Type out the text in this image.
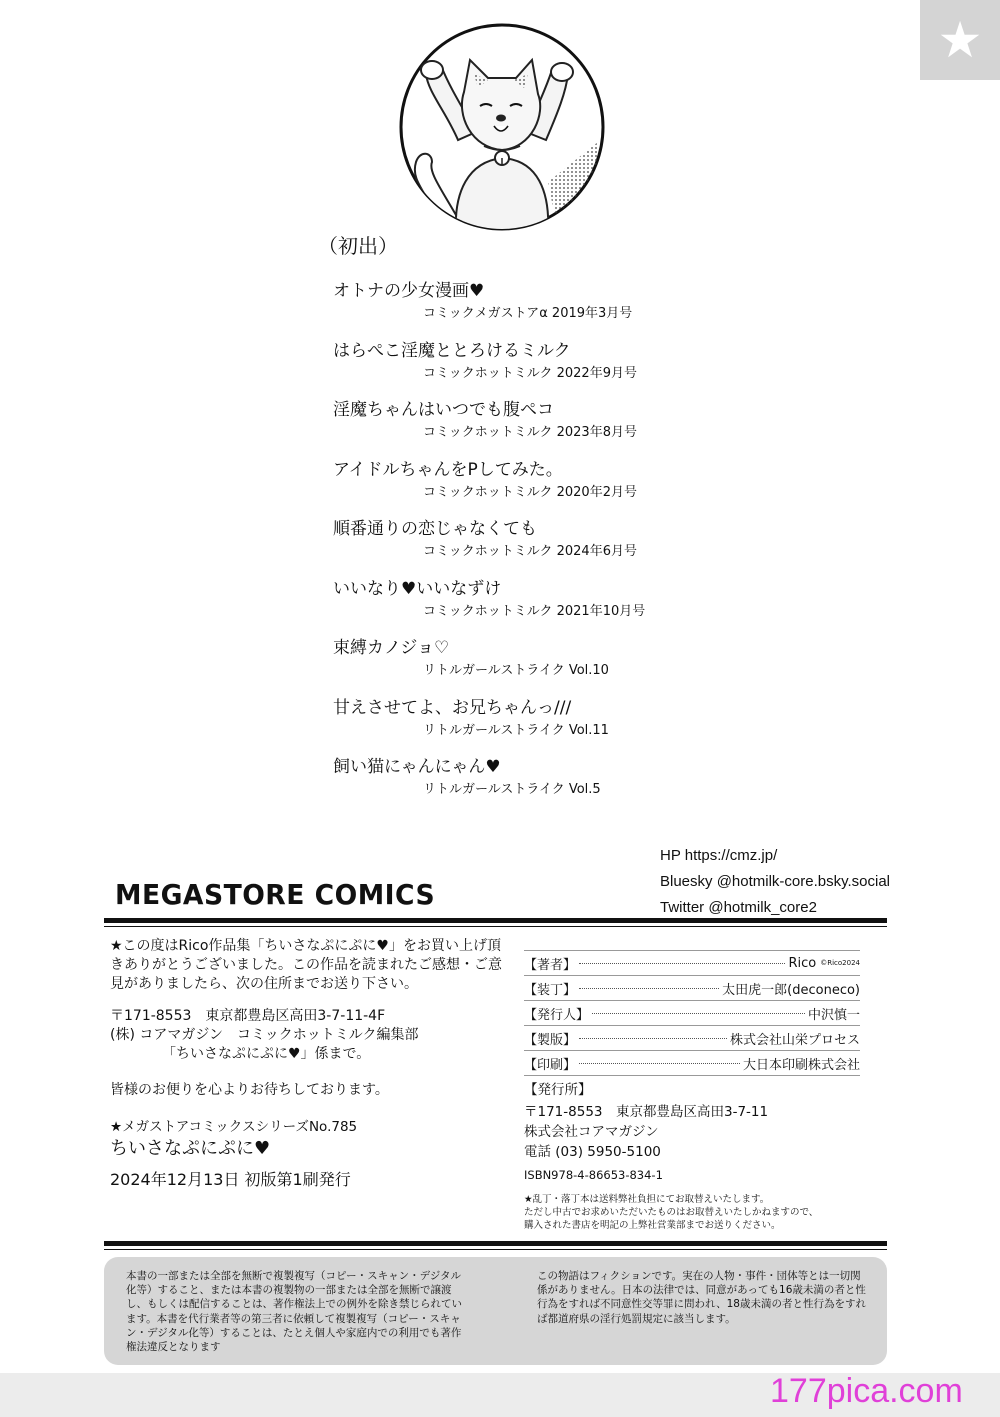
★
（初出）
オトナの少女漫画♥
コミックメガストアα 2019年3月号
はらぺこ淫魔ととろけるミルク
コミックホットミルク 2022年9月号
淫魔ちゃんはいつでも腹ペコ
コミックホットミルク 2023年8月号
アイドルちゃんをPしてみた。
コミックホットミルク 2020年2月号
順番通りの恋じゃなくても
コミックホットミルク 2024年6月号
いいなり♥いいなずけ
コミックホットミルク 2021年10月号
束縛カノジョ♡
リトルガールストライク Vol.10
甘えさせてよ、お兄ちゃんっ///
リトルガールストライク Vol.11
飼い猫にゃんにゃん♥
リトルガールストライク Vol.5
HP https://cmz.jp/
Bluesky @hotmilk-core.bsky.social
Twitter @hotmilk_core2
MEGASTORE COMICS
★この度はRico作品集「ちいさなぷにぷに♥」をお買い上げ頂きありがとうございました。この作品を読まれたご感想・ご意見がありましたら、次の住所までお送り下さい。
〒171-8553　東京都豊島区高田3-7-11-4F
(株) コアマガジン　コミックホットミルク編集部
「ちいさなぷにぷに♥」係まで。
皆様のお便りを心よりお待ちしております。
★メガストアコミックスシリーズNo.785
ちいさなぷにぷに♥
2024年12月13日 初版第1刷発行
【著者】	Rico ©Rico2024
【装丁】	太田虎一郎(deconeco)
【発行人】	中沢慎一
【製版】	株式会社山栄プロセス
【印刷】	大日本印刷株式会社
【発行所】
〒171-8553　東京都豊島区高田3-7-11
株式会社コアマガジン
電話 (03) 5950-5100
ISBN978-4-86653-834-1
★乱丁・落丁本は送料弊社負担にてお取替えいたします。
ただし中古でお求めいただいたものはお取替えいたしかねますので、
購入された書店を明記の上弊社営業部までお送りください。
本書の一部または全部を無断で複製複写（コピー・スキャン・デジタル化等）すること、または本書の複製物の一部または全部を無断で譲渡し、もしくは配信することは、著作権法上での例外を除き禁じられています。本書を代行業者等の第三者に依頼して複製複写（コピー・スキャン・デジタル化等）することは、たとえ個人や家庭内での利用でも著作権法違反となります
この物語はフィクションです。実在の人物・事件・団体等とは一切関係がありません。日本の法律では、同意があっても16歳未満の者と性行為をすれば不同意性交等罪に問われ、18歳未満の者と性行為をすれば都道府県の淫行処罰規定に該当します。
177pica.com
